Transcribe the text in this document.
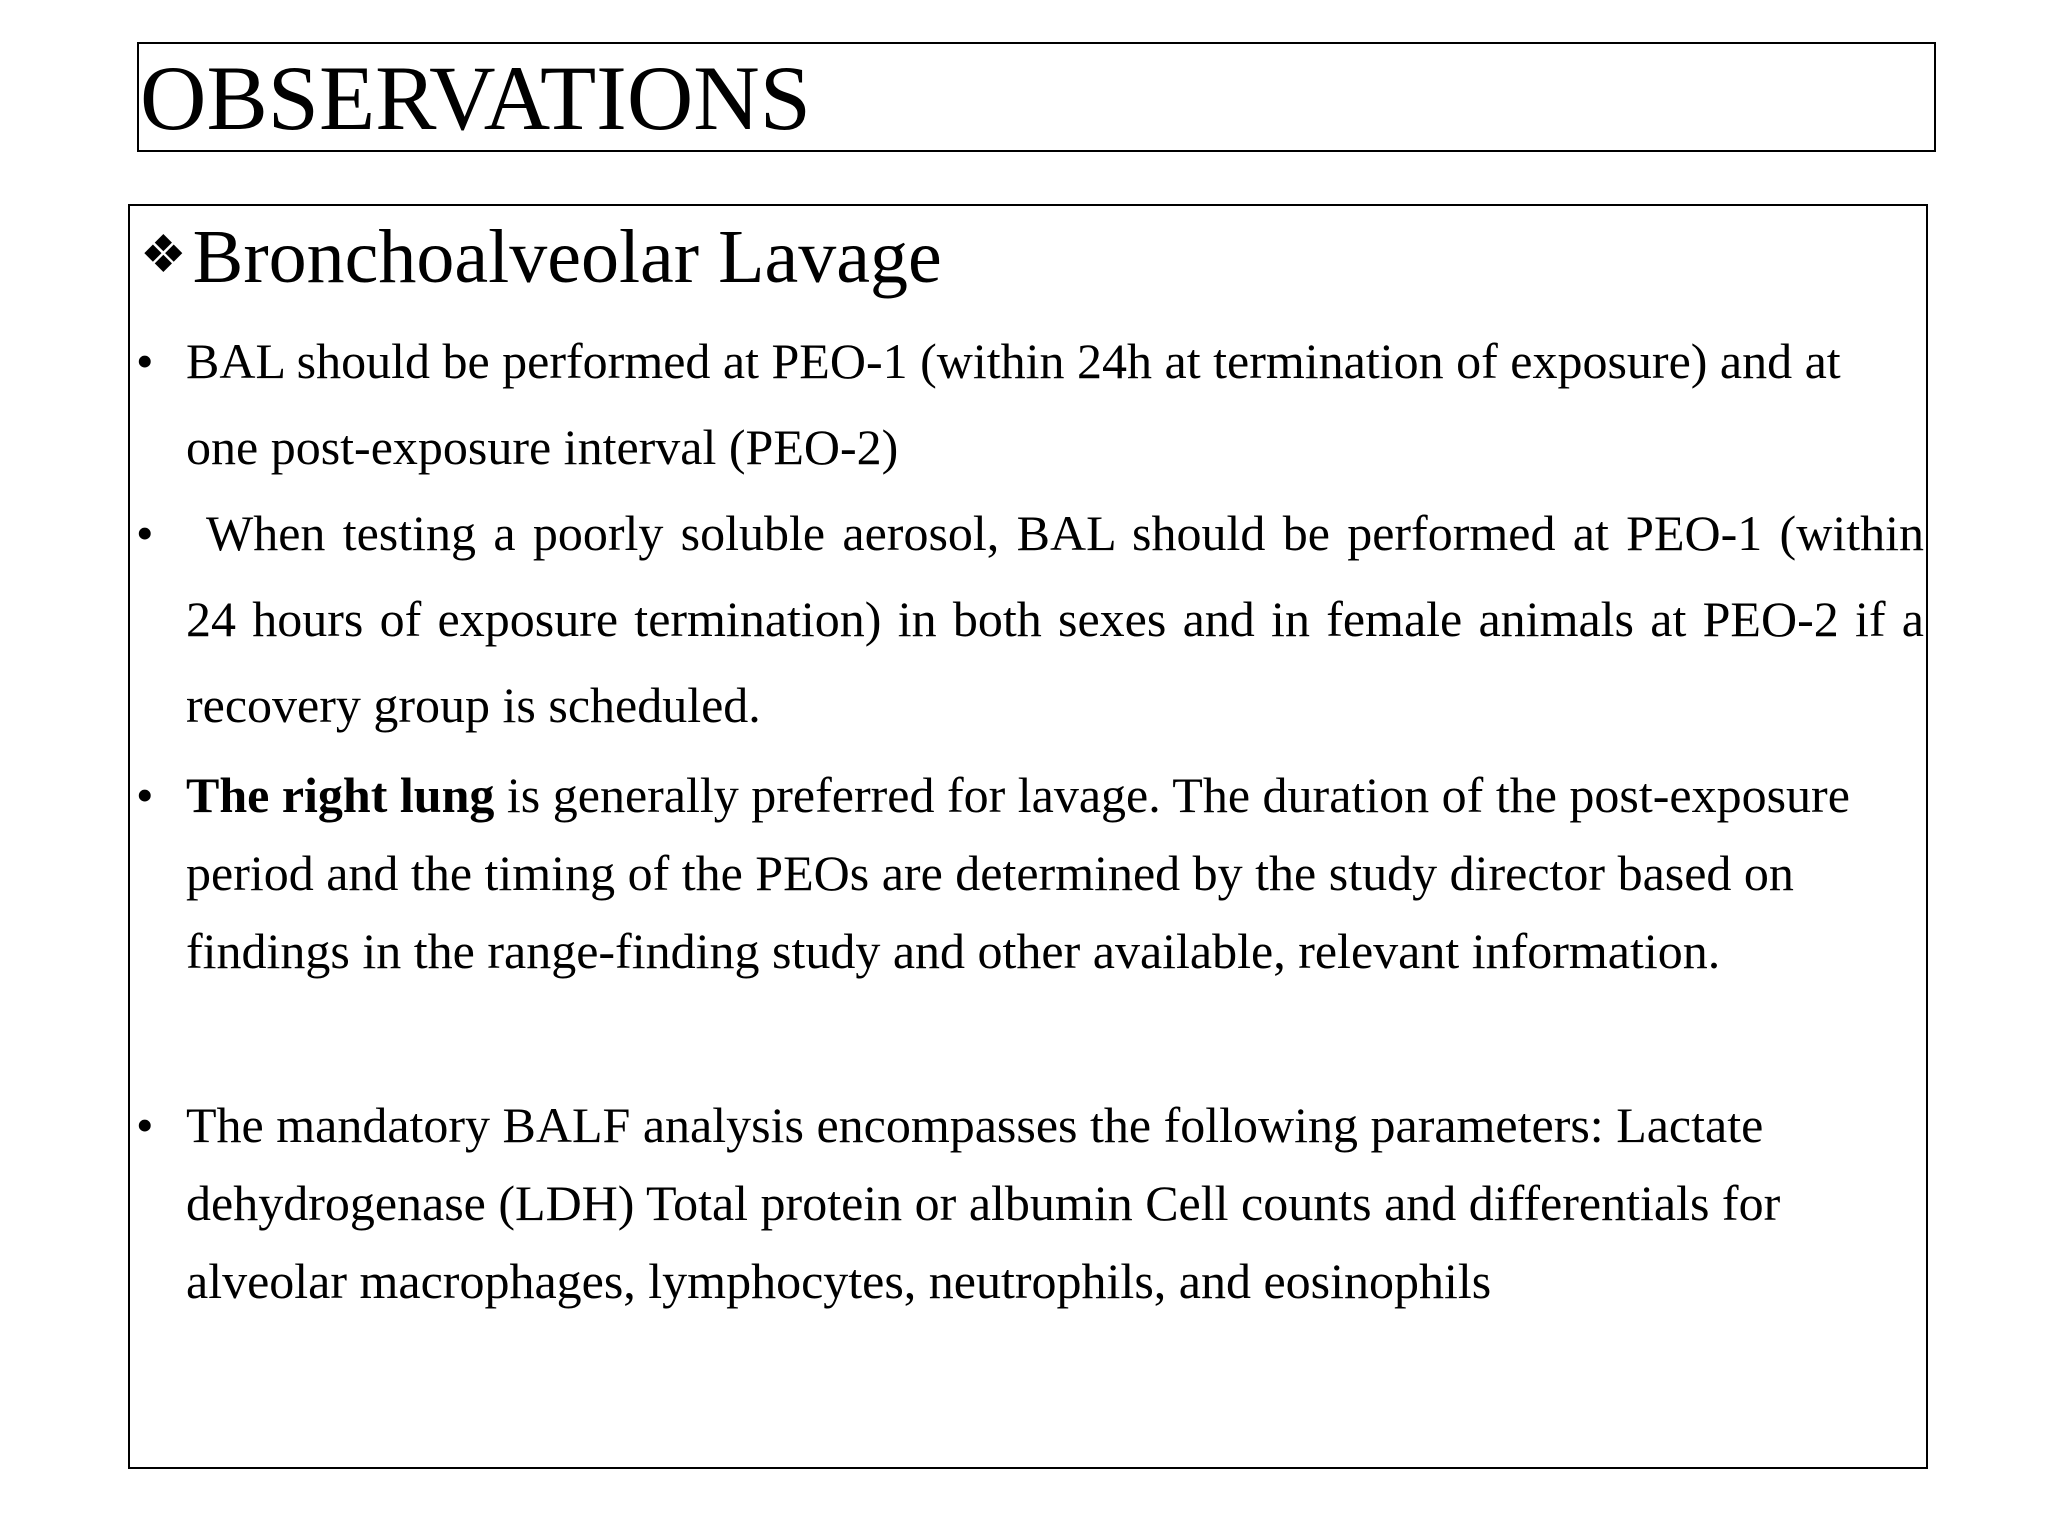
OBSERVATIONS
❖Bronchoalveolar Lavage

• BAL should be performed at PEO-1 (within 24h at termination of exposure) and at one post-exposure interval (PEO-2)

•	When testing a poorly soluble aerosol, BAL should be performed at PEO-1 (within 24 hours of exposure termination) in both sexes and in female animals at PEO-2 if a recovery group is scheduled.

• The right lung is generally preferred for lavage. The duration of the post-exposure period and the timing of the PEOs are determined by the study director based on findings in the range-finding study and other available, relevant information.

• The mandatory BALF analysis encompasses the following parameters: Lactate dehydrogenase (LDH) Total protein or albumin Cell counts and differentials for alveolar macrophages, lymphocytes, neutrophils, and eosinophils
